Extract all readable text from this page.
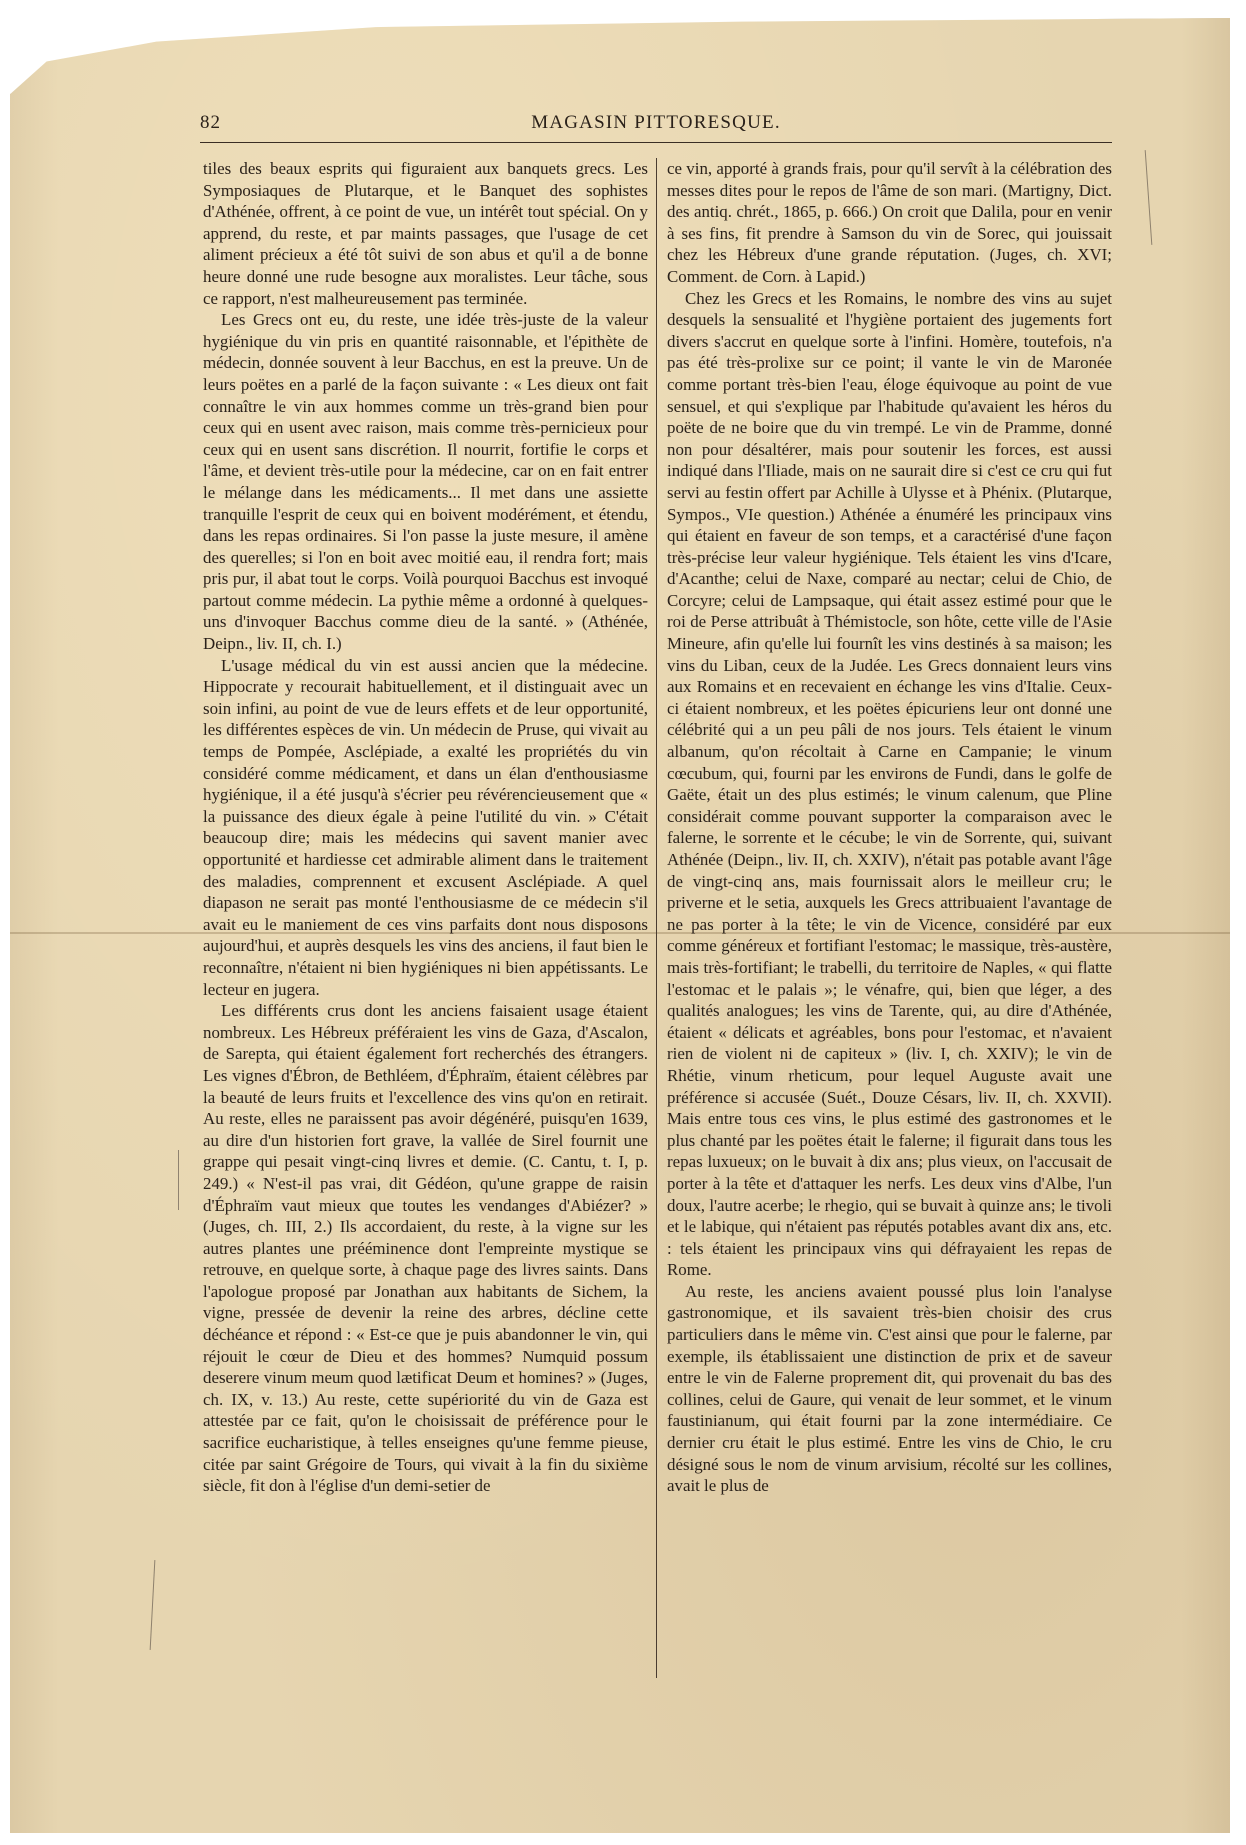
82	MAGASIN PITTORESQUE.

tiles des beaux esprits qui figuraient aux banquets grecs. Les Symposiaques de Plutarque, et le Banquet des sophistes d'Athénée, offrent, à ce point de vue, un intérêt tout spécial. On y apprend, du reste, et par maints passages, que l'usage de cet aliment précieux a été tôt suivi de son abus et qu'il a de bonne heure donné une rude besogne aux moralistes. Leur tâche, sous ce rapport, n'est malheureusement pas terminée.

Les Grecs ont eu, du reste, une idée très-juste de la valeur hygiénique du vin pris en quantité raisonnable, et l'épithète de médecin, donnée souvent à leur Bacchus, en est la preuve. Un de leurs poëtes en a parlé de la façon suivante : « Les dieux ont fait connaître le vin aux hommes comme un très-grand bien pour ceux qui en usent avec raison, mais comme très-pernicieux pour ceux qui en usent sans discrétion. Il nourrit, fortifie le corps et l'âme, et devient très-utile pour la médecine, car on en fait entrer le mélange dans les médicaments... Il met dans une assiette tranquille l'esprit de ceux qui en boivent modérément, et étendu, dans les repas ordinaires. Si l'on passe la juste mesure, il amène des querelles; si l'on en boit avec moitié eau, il rendra fort; mais pris pur, il abat tout le corps. Voilà pourquoi Bacchus est invoqué partout comme médecin. La pythie même a ordonné à quelques-uns d'invoquer Bacchus comme dieu de la santé. » (Athénée, Deipn., liv. II, ch. I.)

L'usage médical du vin est aussi ancien que la médecine. Hippocrate y recourait habituellement, et il distinguait avec un soin infini, au point de vue de leurs effets et de leur opportunité, les différentes espèces de vin. Un médecin de Pruse, qui vivait au temps de Pompée, Asclépiade, a exalté les propriétés du vin considéré comme médicament, et dans un élan d'enthousiasme hygiénique, il a été jusqu'à s'écrier peu révérencieusement que « la puissance des dieux égale à peine l'utilité du vin. » C'était beaucoup dire; mais les médecins qui savent manier avec opportunité et hardiesse cet admirable aliment dans le traitement des maladies, comprennent et excusent Asclépiade. A quel diapason ne serait pas monté l'enthousiasme de ce médecin s'il avait eu le maniement de ces vins parfaits dont nous disposons aujourd'hui, et auprès desquels les vins des anciens, il faut bien le reconnaître, n'étaient ni bien hygiéniques ni bien appétissants. Le lecteur en jugera.

Les différents crus dont les anciens faisaient usage étaient nombreux. Les Hébreux préféraient les vins de Gaza, d'Ascalon, de Sarepta, qui étaient également fort recherchés des étrangers. Les vignes d'Ébron, de Bethléem, d'Éphraïm, étaient célèbres par la beauté de leurs fruits et l'excellence des vins qu'on en retirait. Au reste, elles ne paraissent pas avoir dégénéré, puisqu'en 1639, au dire d'un historien fort grave, la vallée de Sirel fournit une grappe qui pesait vingt-cinq livres et demie. (C. Cantu, t. I, p. 249.) « N'est-il pas vrai, dit Gédéon, qu'une grappe de raisin d'Éphraïm vaut mieux que toutes les vendanges d'Abiézer? » (Juges, ch. III, 2.) Ils accordaient, du reste, à la vigne sur les autres plantes une prééminence dont l'empreinte mystique se retrouve, en quelque sorte, à chaque page des livres saints. Dans l'apologue proposé par Jonathan aux habitants de Sichem, la vigne, pressée de devenir la reine des arbres, décline cette déchéance et répond : « Est-ce que je puis abandonner le vin, qui réjouit le cœur de Dieu et des hommes? Numquid possum deserere vinum meum quod lætificat Deum et homines? » (Juges, ch. IX, v. 13.) Au reste, cette supériorité du vin de Gaza est attestée par ce fait, qu'on le choisissait de préférence pour le sacrifice eucharistique, à telles enseignes qu'une femme pieuse, citée par saint Grégoire de Tours, qui vivait à la fin du sixième siècle, fit don à l'église d'un demi-setier de

ce vin, apporté à grands frais, pour qu'il servît à la célébration des messes dites pour le repos de l'âme de son mari. (Martigny, Dict. des antiq. chrét., 1865, p. 666.) On croit que Dalila, pour en venir à ses fins, fit prendre à Samson du vin de Sorec, qui jouissait chez les Hébreux d'une grande réputation. (Juges, ch. XVI; Comment. de Corn. à Lapid.)

Chez les Grecs et les Romains, le nombre des vins au sujet desquels la sensualité et l'hygiène portaient des jugements fort divers s'accrut en quelque sorte à l'infini. Homère, toutefois, n'a pas été très-prolixe sur ce point; il vante le vin de Maronée comme portant très-bien l'eau, éloge équivoque au point de vue sensuel, et qui s'explique par l'habitude qu'avaient les héros du poëte de ne boire que du vin trempé. Le vin de Pramme, donné non pour désaltérer, mais pour soutenir les forces, est aussi indiqué dans l'Iliade, mais on ne saurait dire si c'est ce cru qui fut servi au festin offert par Achille à Ulysse et à Phénix. (Plutarque, Sympos., VIe question.) Athénée a énuméré les principaux vins qui étaient en faveur de son temps, et a caractérisé d'une façon très-précise leur valeur hygiénique. Tels étaient les vins d'Icare, d'Acanthe; celui de Naxe, comparé au nectar; celui de Chio, de Corcyre; celui de Lampsaque, qui était assez estimé pour que le roi de Perse attribuât à Thémistocle, son hôte, cette ville de l'Asie Mineure, afin qu'elle lui fournît les vins destinés à sa maison; les vins du Liban, ceux de la Judée. Les Grecs donnaient leurs vins aux Romains et en recevaient en échange les vins d'Italie. Ceux-ci étaient nombreux, et les poëtes épicuriens leur ont donné une célébrité qui a un peu pâli de nos jours. Tels étaient le vinum albanum, qu'on récoltait à Carne en Campanie; le vinum cœcubum, qui, fourni par les environs de Fundi, dans le golfe de Gaëte, était un des plus estimés; le vinum calenum, que Pline considérait comme pouvant supporter la comparaison avec le falerne, le sorrente et le cécube; le vin de Sorrente, qui, suivant Athénée (Deipn., liv. II, ch. XXIV), n'était pas potable avant l'âge de vingt-cinq ans, mais fournissait alors le meilleur cru; le priverne et le setia, auxquels les Grecs attribuaient l'avantage de ne pas porter à la tête; le vin de Vicence, considéré par eux comme généreux et fortifiant l'estomac; le massique, très-austère, mais très-fortifiant; le trabelli, du territoire de Naples, « qui flatte l'estomac et le palais »; le vénafre, qui, bien que léger, a des qualités analogues; les vins de Tarente, qui, au dire d'Athénée, étaient « délicats et agréables, bons pour l'estomac, et n'avaient rien de violent ni de capiteux » (liv. I, ch. XXIV); le vin de Rhétie, vinum rheticum, pour lequel Auguste avait une préférence si accusée (Suét., Douze Césars, liv. II, ch. XXVII). Mais entre tous ces vins, le plus estimé des gastronomes et le plus chanté par les poëtes était le falerne; il figurait dans tous les repas luxueux; on le buvait à dix ans; plus vieux, on l'accusait de porter à la tête et d'attaquer les nerfs. Les deux vins d'Albe, l'un doux, l'autre acerbe; le rhegio, qui se buvait à quinze ans; le tivoli et le labique, qui n'étaient pas réputés potables avant dix ans, etc. : tels étaient les principaux vins qui défrayaient les repas de Rome.

Au reste, les anciens avaient poussé plus loin l'analyse gastronomique, et ils savaient très-bien choisir des crus particuliers dans le même vin. C'est ainsi que pour le falerne, par exemple, ils établissaient une distinction de prix et de saveur entre le vin de Falerne proprement dit, qui provenait du bas des collines, celui de Gaure, qui venait de leur sommet, et le vinum faustinianum, qui était fourni par la zone intermédiaire. Ce dernier cru était le plus estimé. Entre les vins de Chio, le cru désigné sous le nom de vinum arvisium, récolté sur les collines, avait le plus de
